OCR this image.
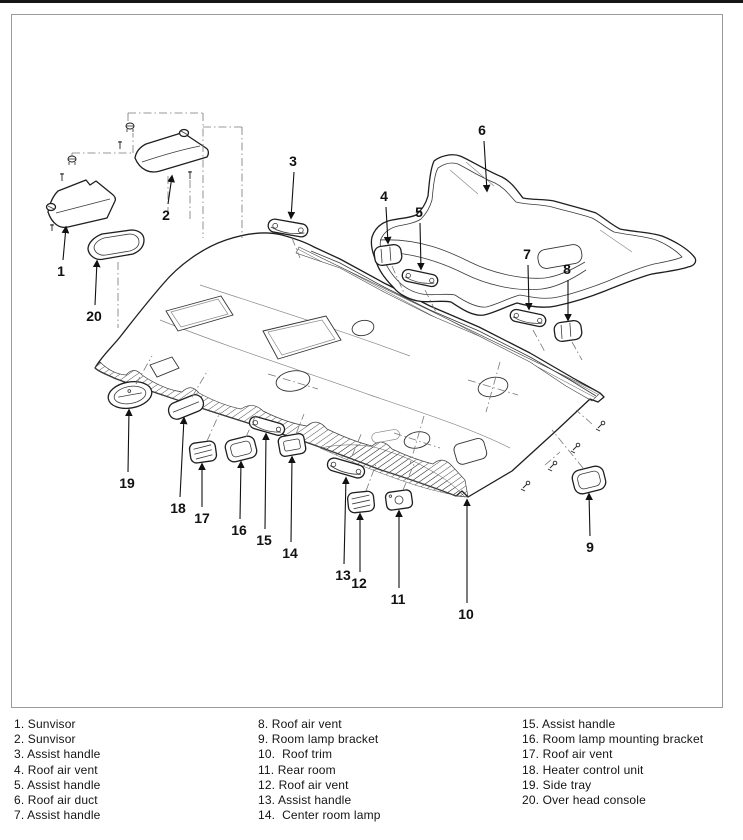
1
2
3
4
5
6
7
8
9
10
11
12
13
14
15
16
17
18
19
20
1. Sunvisor
2. Sunvisor
3. Assist handle
4. Roof air vent
5. Assist handle
6. Roof air duct
7. Assist handle
8. Roof air vent
9. Room lamp bracket
10.  Roof trim
11. Rear room
12. Roof air vent
13. Assist handle
14.  Center room lamp
15. Assist handle
16. Room lamp mounting bracket
17. Roof air vent
18. Heater control unit
19. Side tray
20. Over head console
